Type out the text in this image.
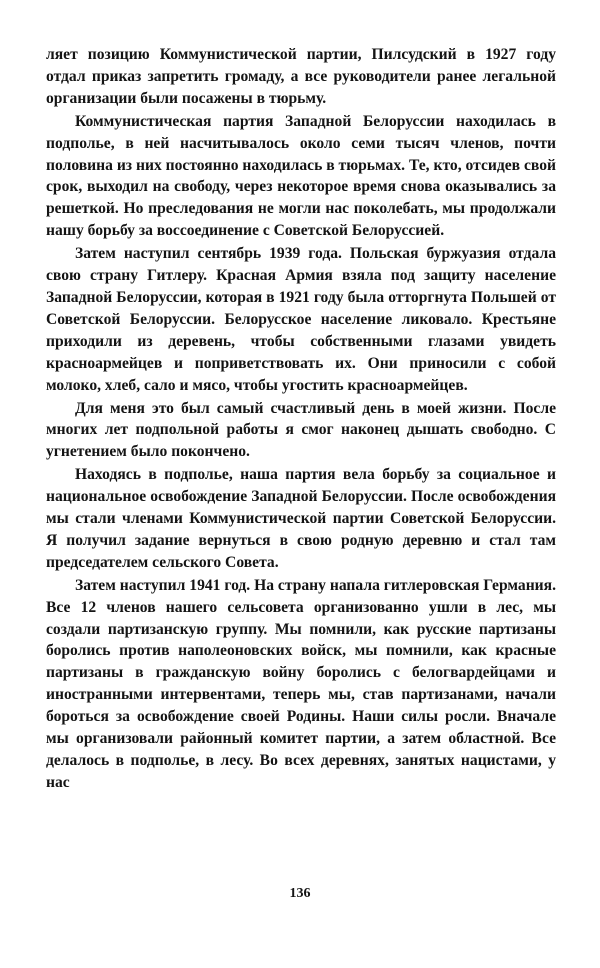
ляет позицию Коммунистической партии, Пилсудский в 1927 году отдал приказ запретить громаду, а все руководители ранее легальной организации были посажены в тюрьму.

Коммунистическая партия Западной Белоруссии находилась в подполье, в ней насчитывалось около семи тысяч членов, почти половина из них постоянно находилась в тюрьмах. Те, кто, отсидев свой срок, выходил на свободу, через некоторое время снова оказывались за решеткой. Но преследования не могли нас поколебать, мы продолжали нашу борьбу за воссоединение с Советской Белоруссией.

Затем наступил сентябрь 1939 года. Польская буржуазия отдала свою страну Гитлеру. Красная Армия взяла под защиту население Западной Белоруссии, которая в 1921 году была отторгнута Польшей от Советской Белоруссии. Белорусское население ликовало. Крестьяне приходили из деревень, чтобы собственными глазами увидеть красноармейцев и поприветствовать их. Они приносили с собой молоко, хлеб, сало и мясо, чтобы угостить красноармейцев.

Для меня это был самый счастливый день в моей жизни. После многих лет подпольной работы я смог наконец дышать свободно. С угнетением было покончено.

Находясь в подполье, наша партия вела борьбу за социальное и национальное освобождение Западной Белоруссии. После освобождения мы стали членами Коммунистической партии Советской Белоруссии. Я получил задание вернуться в свою родную деревню и стал там председателем сельского Совета.

Затем наступил 1941 год. На страну напала гитлеровская Германия. Все 12 членов нашего сельсовета организованно ушли в лес, мы создали партизанскую группу. Мы помнили, как русские партизаны боролись против наполеоновских войск, мы помнили, как красные партизаны в гражданскую войну боролись с белогвардейцами и иностранными интервентами, теперь мы, став партизанами, начали бороться за освобождение своей Родины. Наши силы росли. Вначале мы организовали районный комитет партии, а затем областной. Все делалось в подполье, в лесу. Во всех деревнях, занятых нацистами, у нас

136
